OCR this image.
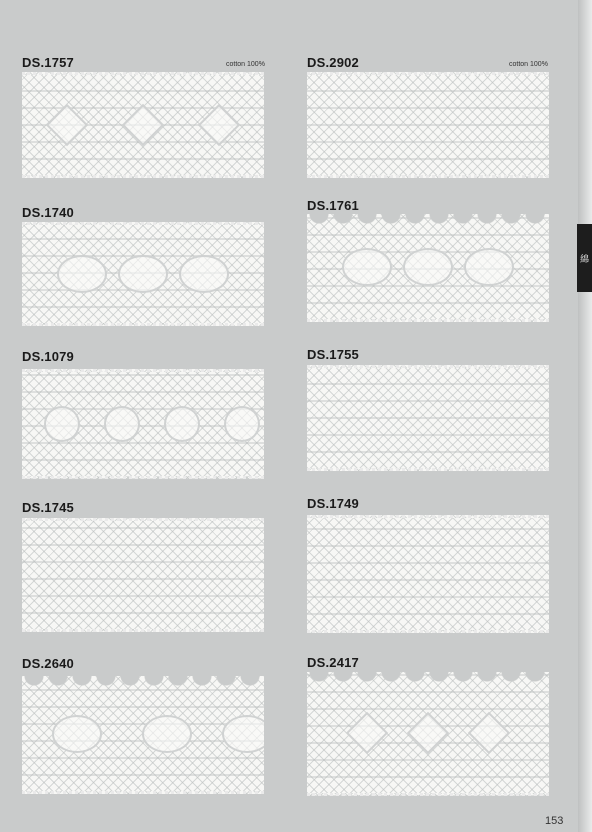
綿
DS.1757	cotton 100%
DS.1740
DS.1079
DS.1745
DS.2640
DS.2902	cotton 100%
DS.1761
DS.1755
DS.1749
DS.2417
153
